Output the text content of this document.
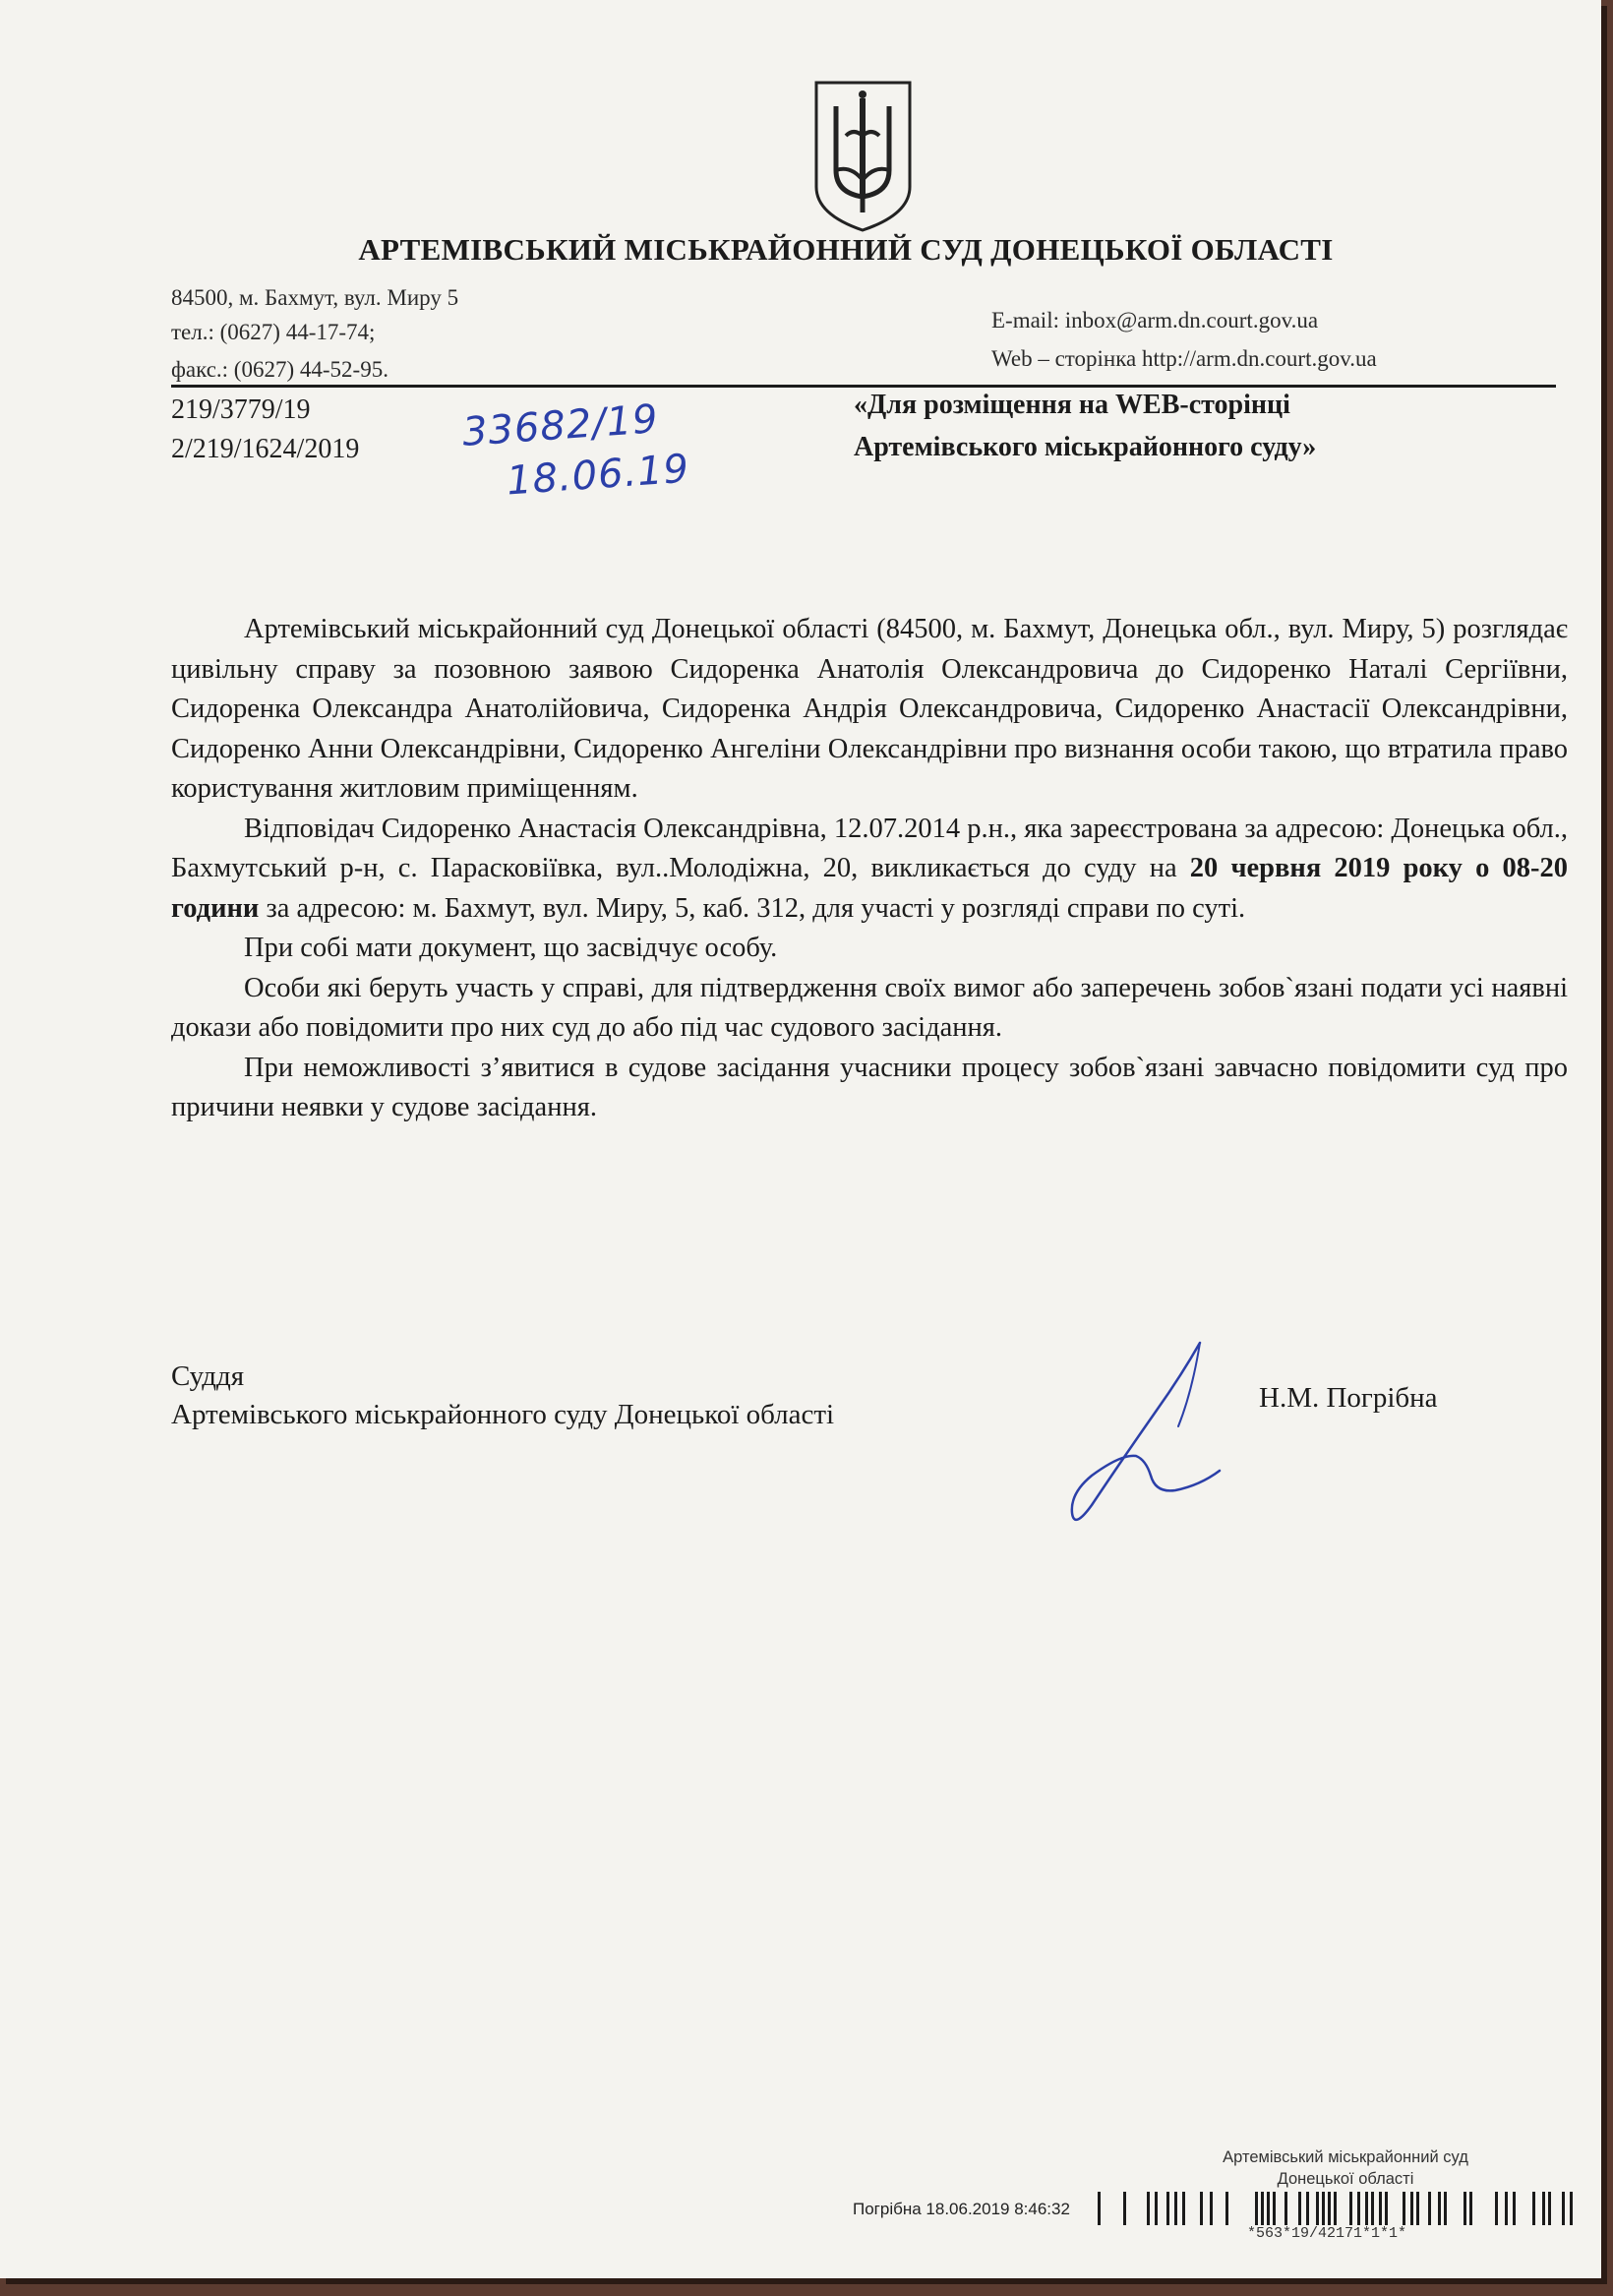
АРТЕМІВСЬКИЙ МІСЬКРАЙОННИЙ СУД ДОНЕЦЬКОЇ ОБЛАСТІ
84500, м. Бахмут, вул. Миру 5
тел.: (0627) 44-17-74;
факс.: (0627) 44-52-95.
E-mail: inbox@arm.dn.court.gov.ua
Web – сторінка http://arm.dn.court.gov.ua
219/3779/19
2/219/1624/2019	33682/19
18.06.19
«Для розміщення на WEB-сторінці
Артемівського міськрайонного суду»

Артемівський міськрайонний суд Донецької області (84500, м. Бахмут, Донецька обл., вул. Миру, 5) розглядає цивільну справу за позовною заявою Сидоренка Анатолія Олександровича до Сидоренко Наталі Сергіївни, Сидоренка Олександра Анатолійовича, Сидоренка Андрія Олександровича, Сидоренко Анастасії Олександрівни, Сидоренко Анни Олександрівни, Сидоренко Ангеліни Олександрівни про визнання особи такою, що втратила право користування житловим приміщенням.

Відповідач Сидоренко Анастасія Олександрівна, 12.07.2014 р.н., яка зареєстрована за адресою: Донецька обл., Бахмутський р-н, с. Парасковіївка, вул..Молодіжна, 20, викликається до суду на 20 червня 2019 року о 08-20 години за адресою: м. Бахмут, вул. Миру, 5, каб. 312, для участі у розгляді справи по суті.

При собі мати документ, що засвідчує особу.

Особи які беруть участь у справі, для підтвердження своїх вимог або заперечень зобов`язані подати усі наявні докази або повідомити про них суд до або під час судового засідання.

При неможливості з’явитися в судове засідання учасники процесу зобов`язані завчасно повідомити суд про причини неявки у судове засідання.

Суддя
Артемівського міськрайонного суду Донецької області
Н.М. Погрібна
Артемівський міськрайонний суд
Донецької області
Погрібна 18.06.2019 8:46:32
*563*19/42171*1*1*
